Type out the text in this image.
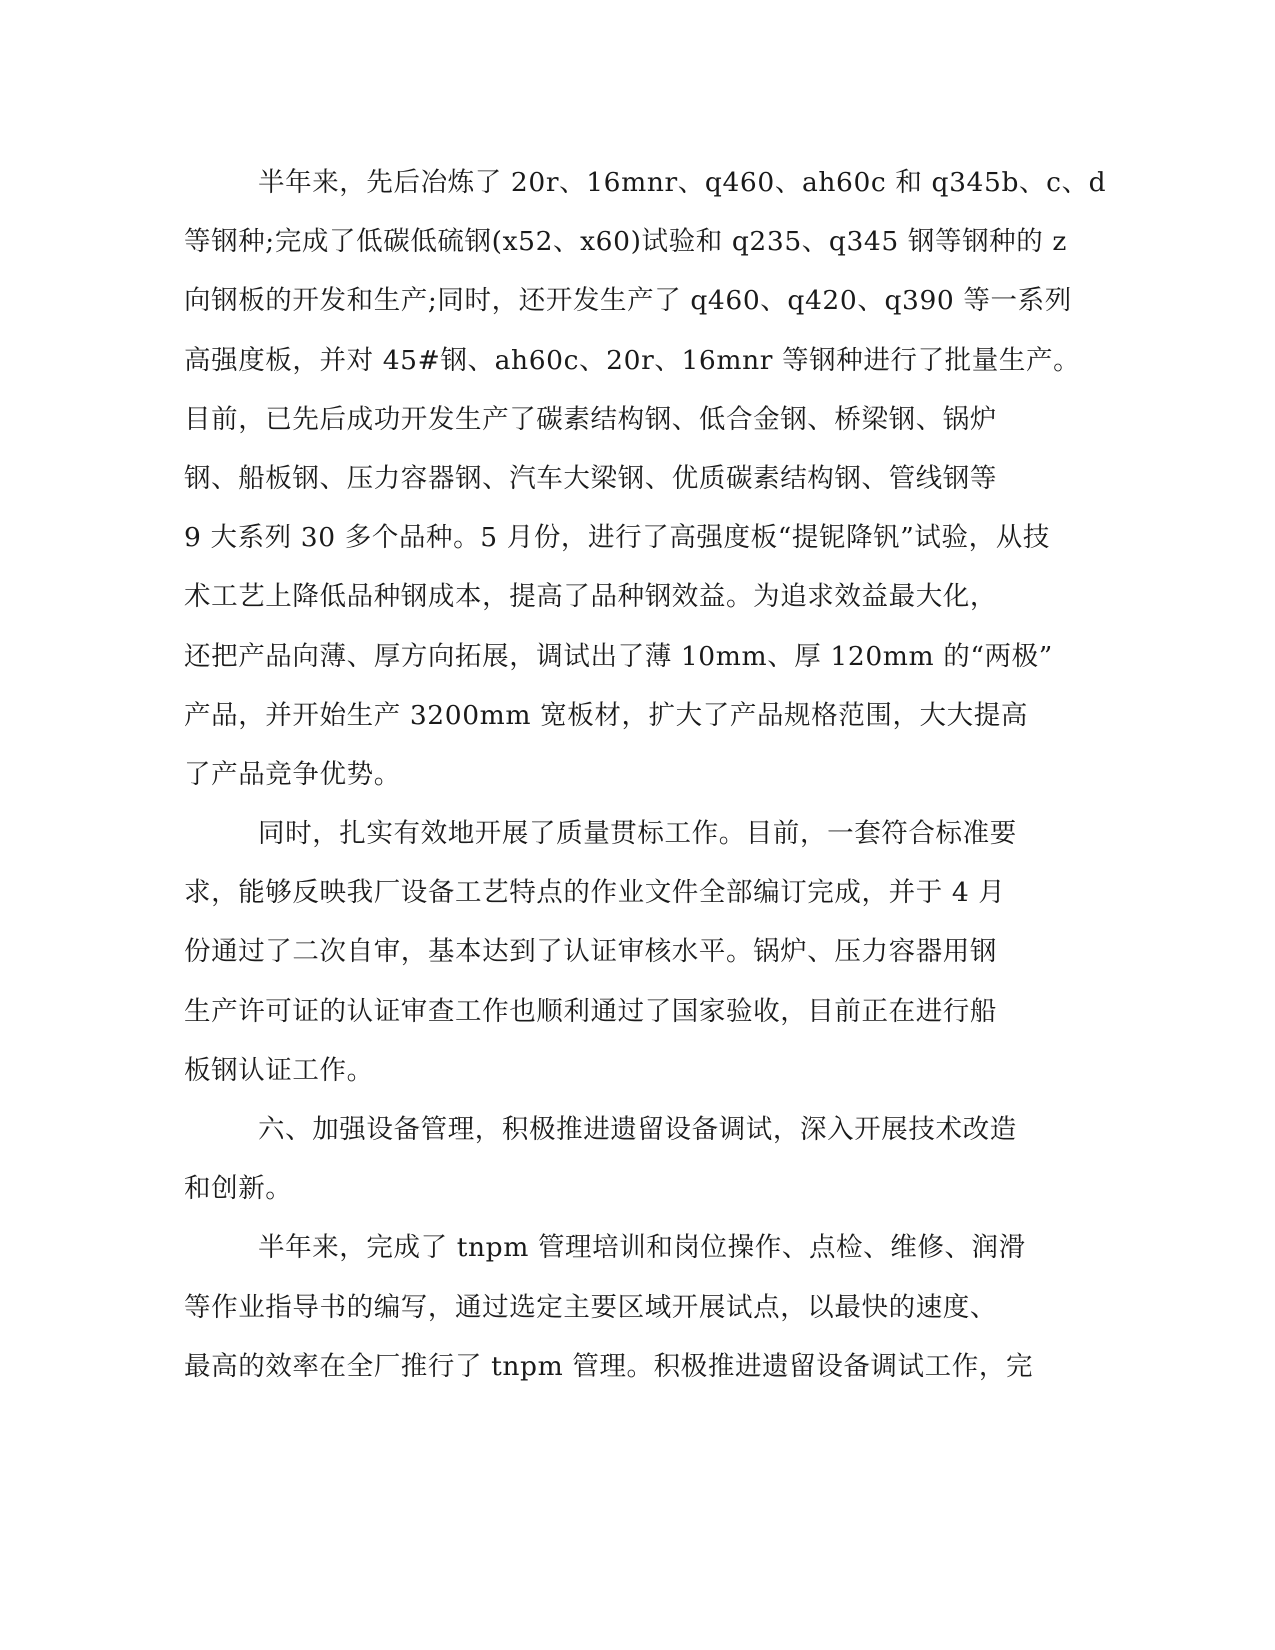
半年来，先后冶炼了 20r、16mnr、q460、ah60c 和 q345b、c、d
等钢种;完成了低碳低硫钢(x52、x60)试验和 q235、q345 钢等钢种的 z
向钢板的开发和生产;同时，还开发生产了 q460、q420、q390 等一系列
高强度板，并对 45#钢、ah60c、20r、16mnr 等钢种进行了批量生产。
目前，已先后成功开发生产了碳素结构钢、低合金钢、桥梁钢、锅炉
钢、船板钢、压力容器钢、汽车大梁钢、优质碳素结构钢、管线钢等
9 大系列 30 多个品种。5 月份，进行了高强度板“提铌降钒”试验，从技
术工艺上降低品种钢成本，提高了品种钢效益。为追求效益最大化，
还把产品向薄、厚方向拓展，调试出了薄 10mm、厚 120mm 的“两极”
产品，并开始生产 3200mm 宽板材，扩大了产品规格范围，大大提高
了产品竞争优势。
同时，扎实有效地开展了质量贯标工作。目前，一套符合标准要
求，能够反映我厂设备工艺特点的作业文件全部编订完成，并于 4 月
份通过了二次自审，基本达到了认证审核水平。锅炉、压力容器用钢
生产许可证的认证审查工作也顺利通过了国家验收，目前正在进行船
板钢认证工作。
六、加强设备管理，积极推进遗留设备调试，深入开展技术改造
和创新。
半年来，完成了 tnpm 管理培训和岗位操作、点检、维修、润滑
等作业指导书的编写，通过选定主要区域开展试点，以最快的速度、
最高的效率在全厂推行了 tnpm 管理。积极推进遗留设备调试工作，完
